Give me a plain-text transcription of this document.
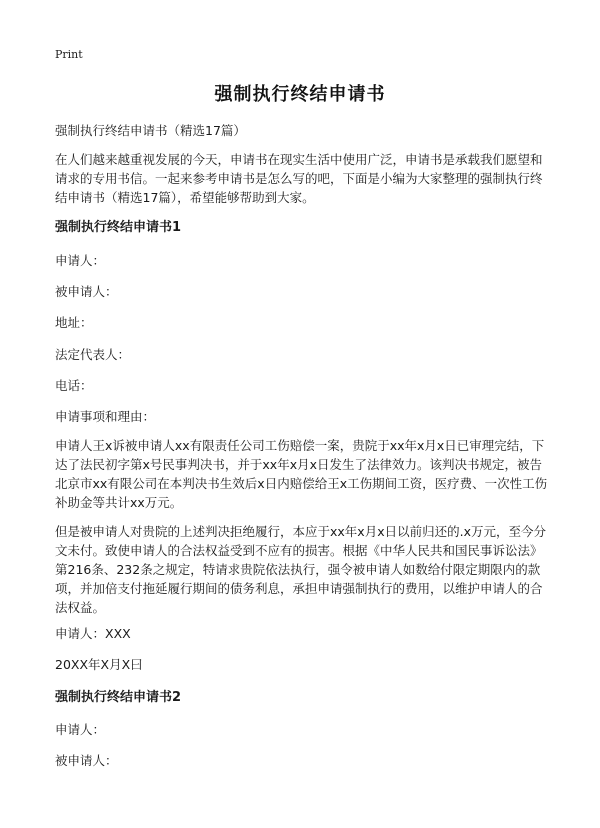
Print
强制执行终结申请书
强制执行终结申请书（精选17篇）
在人们越来越重视发展的今天，申请书在现实生活中使用广泛，申请书是承载我们愿望和请求的专用书信。一起来参考申请书是怎么写的吧，下面是小编为大家整理的强制执行终结申请书（精选17篇），希望能够帮助到大家。
强制执行终结申请书1
申请人：
被申请人：
地址：
法定代表人：
电话：
申请事项和理由：
申请人王x诉被申请人xx有限责任公司工伤赔偿一案，贵院于xx年x月x日已审理完结，下达了法民初字第x号民事判决书，并于xx年x月x日发生了法律效力。该判决书规定，被告北京市xx有限公司在本判决书生效后x日内赔偿给王x工伤期间工资，医疗费、一次性工伤补助金等共计xx万元。
但是被申请人对贵院的上述判决拒绝履行，本应于xx年x月x日以前归还的.x万元，至今分文未付。致使申请人的合法权益受到不应有的损害。根据《中华人民共和国民事诉讼法》第216条、232条之规定，特请求贵院依法执行，强令被申请人如数给付限定期限内的款项，并加倍支付拖延履行期间的债务利息，承担申请强制执行的费用，以维护申请人的合法权益。
申请人：XXX
20XX年X月X曰
强制执行终结申请书2
申请人：
被申请人：
